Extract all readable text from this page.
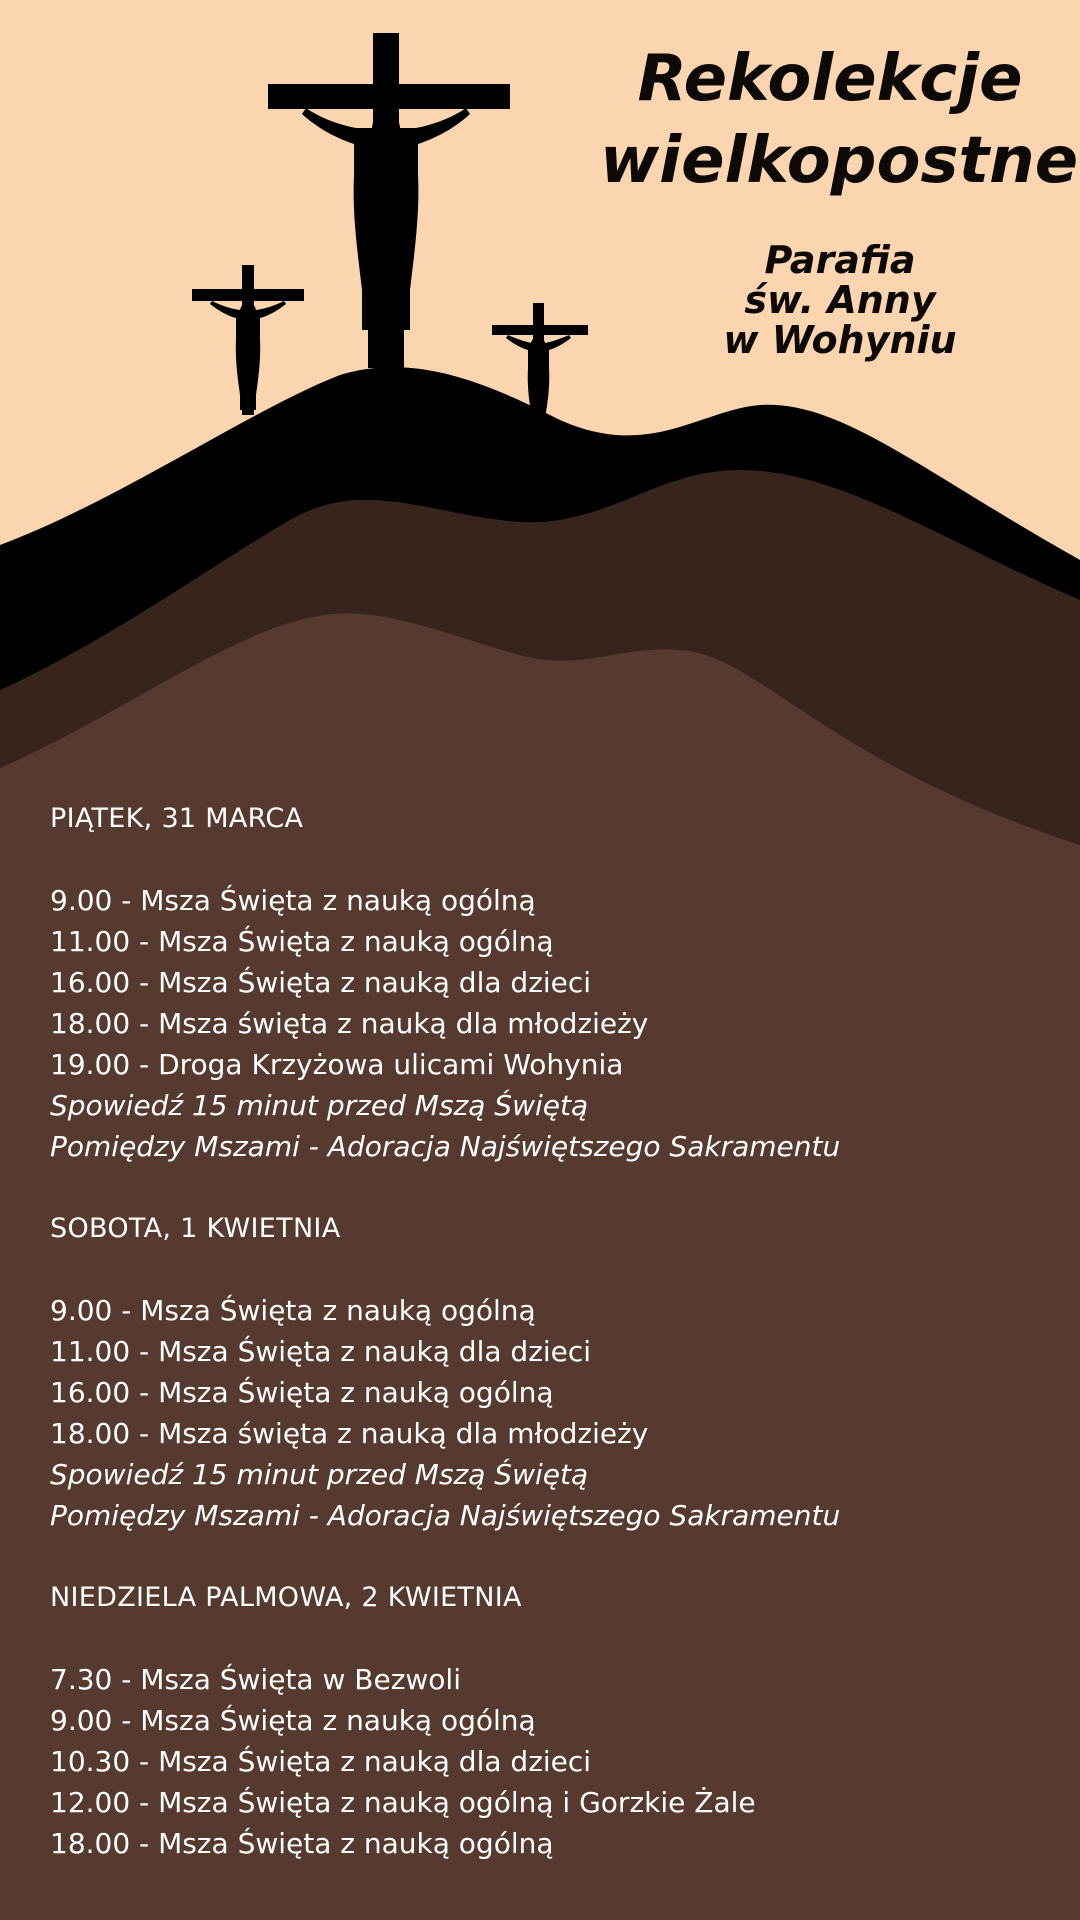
Rekolekcje
wielkopostne
Parafia
św. Anny
w Wohyniu
PIĄTEK, 31 MARCA
9.00 - Msza Święta z nauką ogólną
11.00 - Msza Święta z nauką ogólną
16.00 - Msza Święta z nauką dla dzieci
18.00 - Msza święta z nauką dla młodzieży
19.00 - Droga Krzyżowa ulicami Wohynia
Spowiedź 15 minut przed Mszą Świętą
Pomiędzy Mszami - Adoracja Najświętszego Sakramentu
SOBOTA, 1 KWIETNIA
9.00 - Msza Święta z nauką ogólną
11.00 - Msza Święta z nauką dla dzieci
16.00 - Msza Święta z nauką ogólną
18.00 - Msza święta z nauką dla młodzieży
Spowiedź 15 minut przed Mszą Świętą
Pomiędzy Mszami - Adoracja Najświętszego Sakramentu
NIEDZIELA PALMOWA, 2 KWIETNIA
7.30 - Msza Święta w Bezwoli
9.00 - Msza Święta z nauką ogólną
10.30 - Msza Święta z nauką dla dzieci
12.00 - Msza Święta z nauką ogólną i Gorzkie Żale
18.00 - Msza Święta z nauką ogólną
